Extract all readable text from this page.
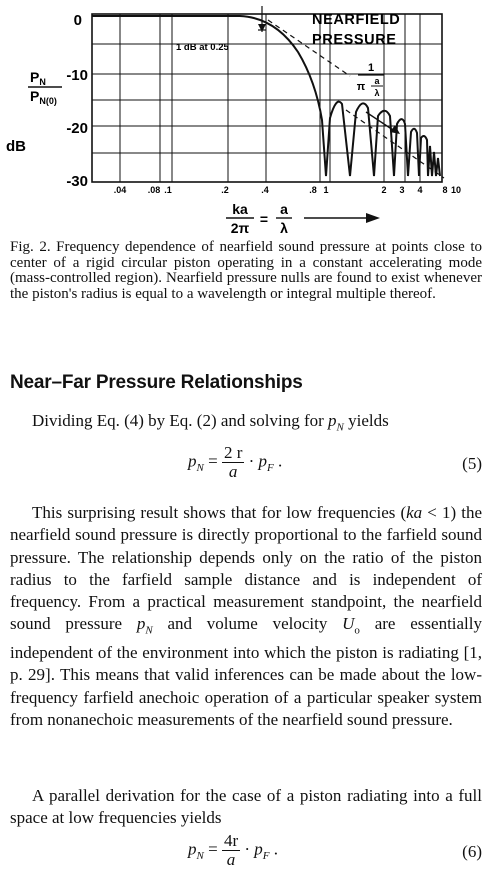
0
-10
-20
-30
$P_N$
$P_{N(0)}$
dB
.04 .08 .1	.2	.4	.8 1	2 3 4 8 10
1 dB at 0.25
NEARFIELD
PRESSURE
1
π a
λ
ka
2π
=
a
λ

Fig. 2. Frequency dependence of nearfield sound pressure at points close to center of a rigid circular piston operating in a constant accelerating mode (mass-controlled region). Nearfield pressure nulls are found to exist whenever the piston's radius is equal to a wavelength or integral multiple thereof.

Near–Far Pressure Relationships

Dividing Eq. (4) by Eq. (2) and solving for $p_N$ yields

$p_N = \frac{2 r}{a} \cdot p_F$ .	(5)

This surprising result shows that for low frequencies (ka < 1) the nearfield sound pressure is directly proportional to the farfield sound pressure. The relationship depends only on the ratio of the piston radius to the farfield sample distance and is independent of frequency. From a practical measurement standpoint, the nearfield sound pressure $p_N$ and volume velocity $U_o$ are essentially independent of the environment into which the piston is radiating [1, p. 29]. This means that valid inferences can be made about the low-frequency farfield anechoic operation of a particular speaker system from nonanechoic measurements of the nearfield sound pressure.

A parallel derivation for the case of a piston radiating into a full space at low frequencies yields

$p_N = \frac{4r}{a} \cdot p_F$ .	(6)
